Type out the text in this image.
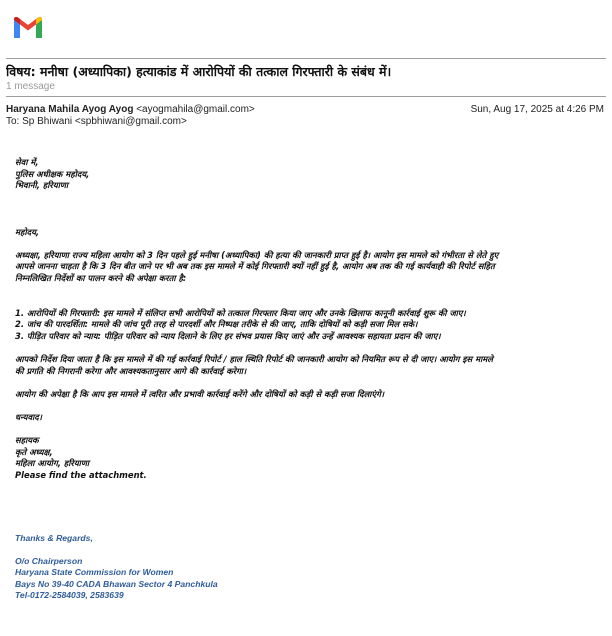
विषय: मनीषा (अध्यापिका) हत्याकांड में आरोपियों की तत्काल गिरफ्तारी के संबंध में।
1 message
Haryana Mahila Ayog Ayog <ayogmahila@gmail.com>	Sun, Aug 17, 2025 at 4:26 PM
To: Sp Bhiwani <spbhiwani@gmail.com>
सेवा में,
पुलिस अधीक्षक महोदय,
भिवानी, हरियाणा
महोदय,
अध्यक्षा, हरियाणा राज्य महिला आयोग को 3 दिन पहले हुई मनीषा (अध्यापिका) की हत्या की जानकारी प्राप्त हुई है। आयोग इस मामले को गंभीरता से लेते हुए
आपसे जानना चाहता है कि 3 दिन बीत जाने पर भी अब तक इस मामले में कोई गिरफ्तारी क्यों नहीं हुई है, आयोग अब तक की गई कार्यवाही की रिपोर्ट सहित
निम्नलिखित निर्देशों का पालन करने की अपेक्षा करता है:
1. आरोपियों की गिरफ्तारी: इस मामले में संलिप्त सभी आरोपियों को तत्काल गिरफ्तार किया जाए और उनके खिलाफ कानूनी कार्रवाई शुरू की जाए।
2. जांच की पारदर्शिता: मामले की जांच पूरी तरह से पारदर्शी और निष्पक्ष तरीके से की जाए, ताकि दोषियों को कड़ी सजा मिल सके।
3. पीड़ित परिवार को न्याय: पीड़ित परिवार को न्याय दिलाने के लिए हर संभव प्रयास किए जाएं और उन्हें आवश्यक सहायता प्रदान की जाए।
आपको निर्देश दिया जाता है कि इस मामले में की गई कार्रवाई रिपोर्ट / हाल स्थिति रिपोर्ट की जानकारी आयोग को नियमित रूप से दी जाए। आयोग इस मामले
की प्रगति की निगरानी करेगा और आवश्यकतानुसार आगे की कार्रवाई करेगा।
आयोग की अपेक्षा है कि आप इस मामले में त्वरित और प्रभावी कार्रवाई करेंगे और दोषियों को कड़ी से कड़ी सजा दिलाएंगे।
धन्यवाद।
सहायक
कृते अध्यक्ष,
महिला आयोग, हरियाणा
Please find the attachment.
Thanks & Regards,
O/o Chairperson
Haryana State Commission for Women
Bays No 39-40 CADA Bhawan Sector 4 Panchkula
Tel-0172-2584039, 2583639
